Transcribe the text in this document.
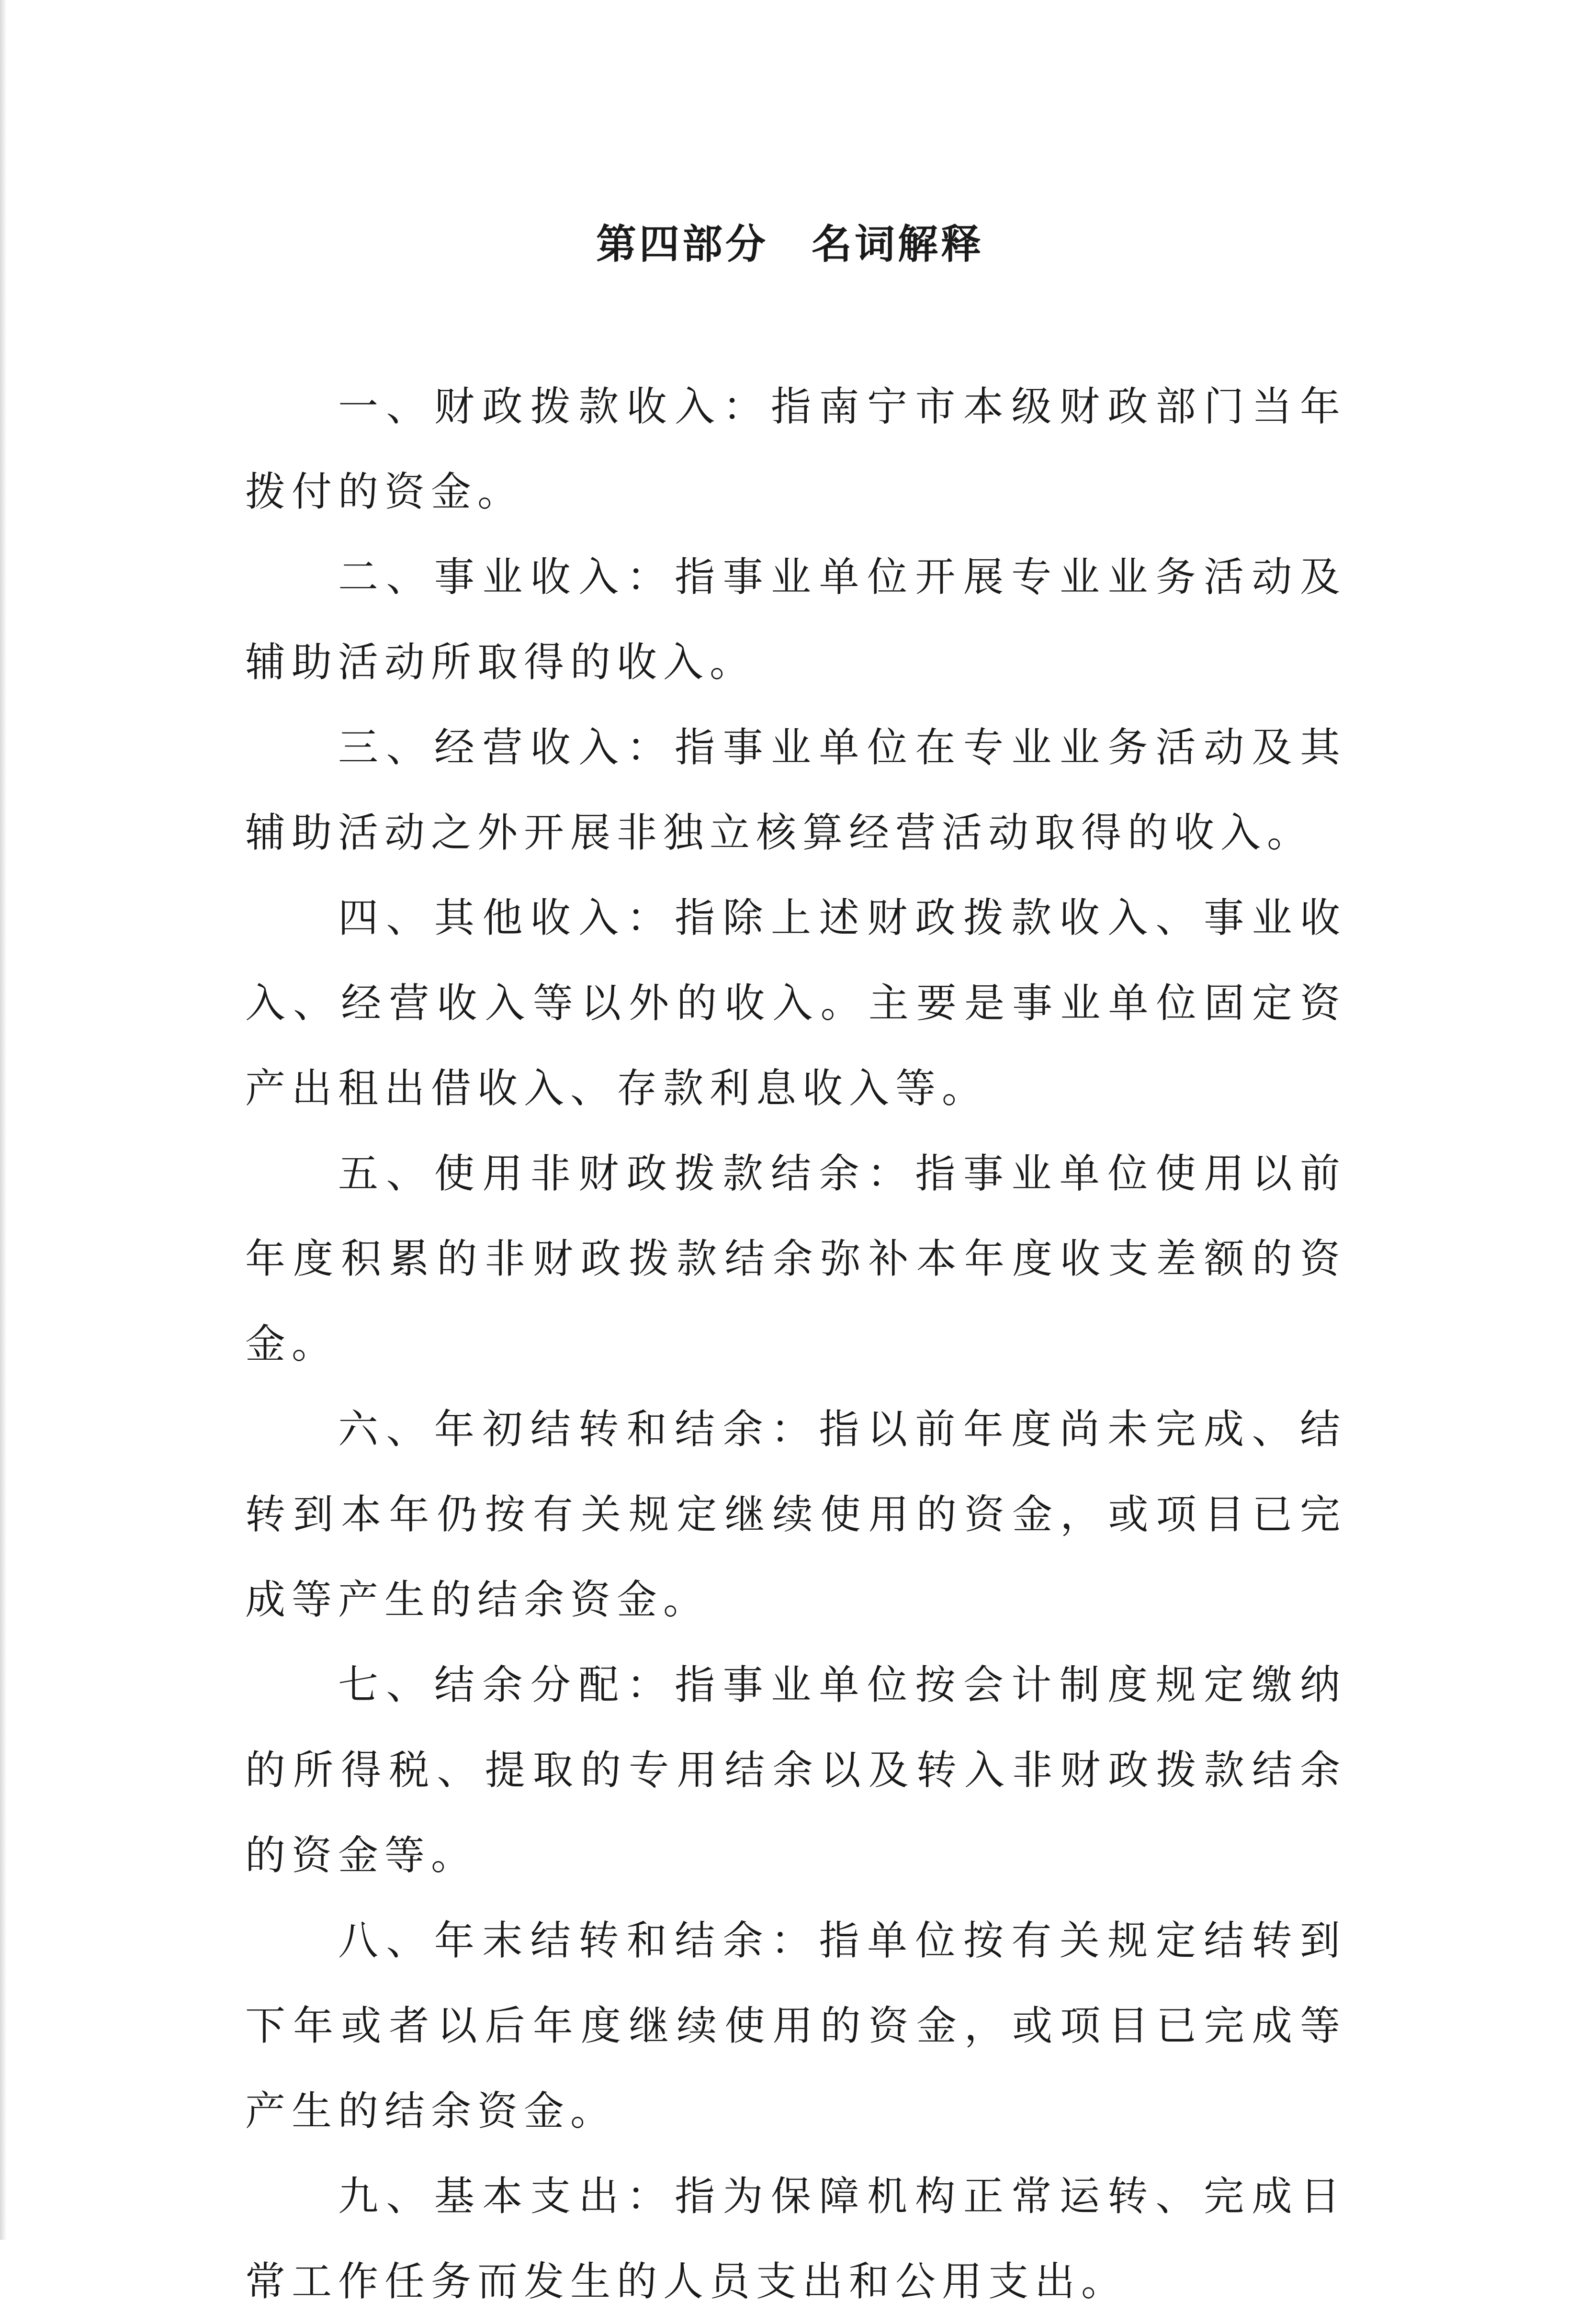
第四部分　名词解释

一、财政拨款收入：指南宁市本级财政部门当年拨付的资金。

二、事业收入：指事业单位开展专业业务活动及辅助活动所取得的收入。

三、经营收入：指事业单位在专业业务活动及其辅助活动之外开展非独立核算经营活动取得的收入。

四、其他收入：指除上述财政拨款收入、事业收入、经营收入等以外的收入。主要是事业单位固定资产出租出借收入、存款利息收入等。

五、使用非财政拨款结余：指事业单位使用以前年度积累的非财政拨款结余弥补本年度收支差额的资金。

六、年初结转和结余：指以前年度尚未完成、结转到本年仍按有关规定继续使用的资金，或项目已完成等产生的结余资金。

七、结余分配：指事业单位按会计制度规定缴纳的所得税、提取的专用结余以及转入非财政拨款结余的资金等。

八、年末结转和结余：指单位按有关规定结转到下年或者以后年度继续使用的资金，或项目已完成等产生的结余资金。

九、基本支出：指为保障机构正常运转、完成日常工作任务而发生的人员支出和公用支出。
